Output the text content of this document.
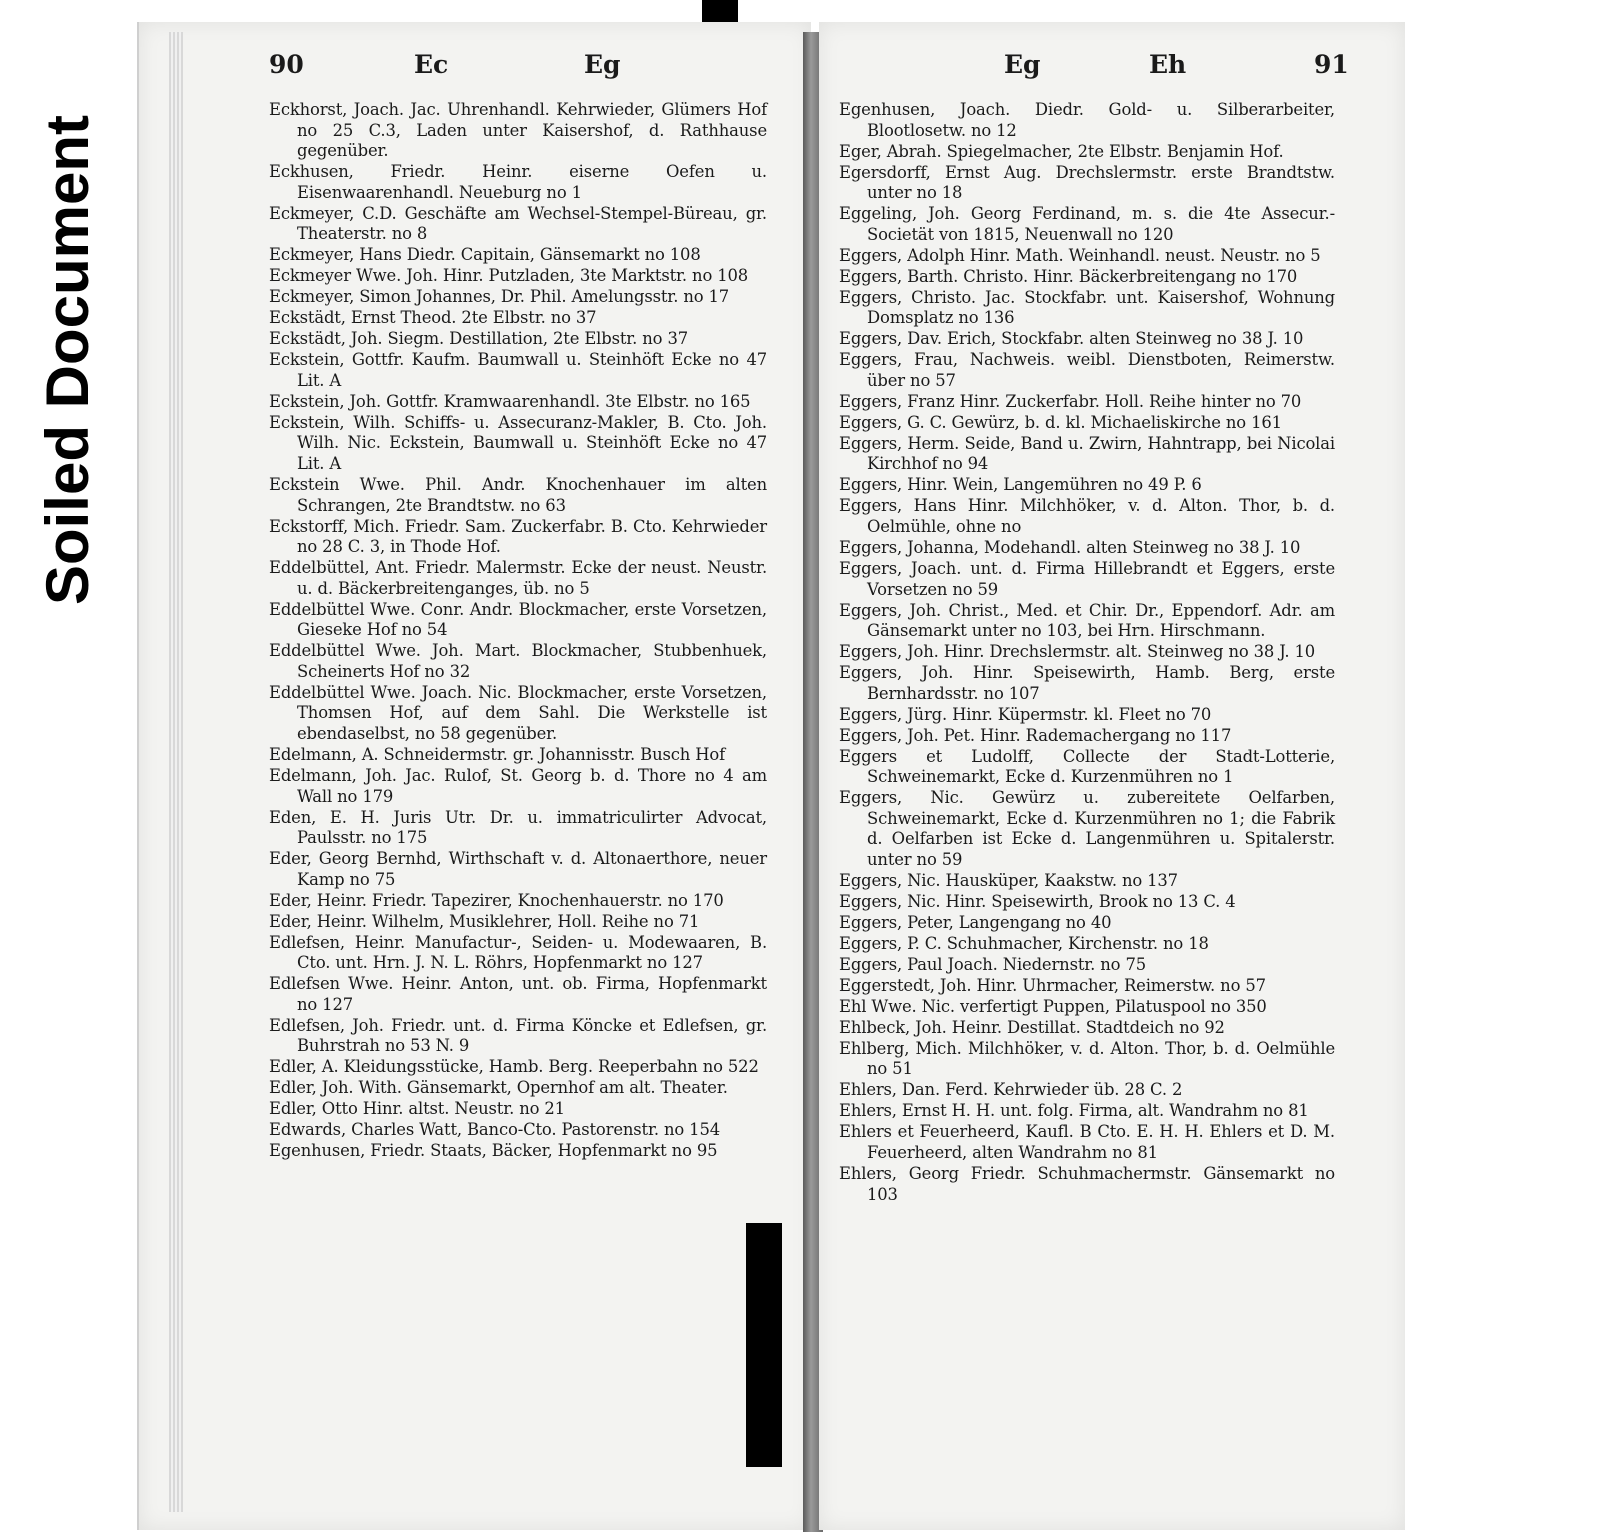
Soiled Document
90	Ec	Eg
Eckhorst, Joach. Jac. Uhrenhandl. Kehrwieder, Glümers Hof no 25 C.3, Laden unter Kaisershof, d. Rathhause gegenüber.
Eckhusen, Friedr. Heinr. eiserne Oefen u. Eisenwaarenhandl. Neueburg no 1
Eckmeyer, C.D. Geschäfte am Wechsel-Stempel-Büreau, gr. Theaterstr. no 8
Eckmeyer, Hans Diedr. Capitain, Gänsemarkt no 108
Eckmeyer Wwe. Joh. Hinr. Putzladen, 3te Marktstr. no 108
Eckmeyer, Simon Johannes, Dr. Phil. Amelungsstr. no 17
Eckstädt, Ernst Theod. 2te Elbstr. no 37
Eckstädt, Joh. Siegm. Destillation, 2te Elbstr. no 37
Eckstein, Gottfr. Kaufm. Baumwall u. Steinhöft Ecke no 47 Lit. A
Eckstein, Joh. Gottfr. Kramwaarenhandl. 3te Elbstr. no 165
Eckstein, Wilh. Schiffs- u. Assecuranz-Makler, B. Cto. Joh. Wilh. Nic. Eckstein, Baumwall u. Steinhöft Ecke no 47 Lit. A
Eckstein Wwe. Phil. Andr. Knochenhauer im alten Schrangen, 2te Brandtstw. no 63
Eckstorff, Mich. Friedr. Sam. Zuckerfabr. B. Cto. Kehrwieder no 28 C. 3, in Thode Hof.
Eddelbüttel, Ant. Friedr. Malermstr. Ecke der neust. Neustr. u. d. Bäckerbreitenganges, üb. no 5
Eddelbüttel Wwe. Conr. Andr. Blockmacher, erste Vorsetzen, Gieseke Hof no 54
Eddelbüttel Wwe. Joh. Mart. Blockmacher, Stubbenhuek, Scheinerts Hof no 32
Eddelbüttel Wwe. Joach. Nic. Blockmacher, erste Vorsetzen, Thomsen Hof, auf dem Sahl. Die Werkstelle ist ebendaselbst, no 58 gegenüber.
Edelmann, A. Schneidermstr. gr. Johannisstr. Busch Hof
Edelmann, Joh. Jac. Rulof, St. Georg b. d. Thore no 4 am Wall no 179
Eden, E. H. Juris Utr. Dr. u. immatriculirter Advocat, Paulsstr. no 175
Eder, Georg Bernhd, Wirthschaft v. d. Altonaerthore, neuer Kamp no 75
Eder, Heinr. Friedr. Tapezirer, Knochenhauerstr. no 170
Eder, Heinr. Wilhelm, Musiklehrer, Holl. Reihe no 71
Edlefsen, Heinr. Manufactur-, Seiden- u. Modewaaren, B. Cto. unt. Hrn. J. N. L. Röhrs, Hopfenmarkt no 127
Edlefsen Wwe. Heinr. Anton, unt. ob. Firma, Hopfenmarkt no 127
Edlefsen, Joh. Friedr. unt. d. Firma Köncke et Edlefsen, gr. Buhrstrah no 53 N. 9
Edler, A. Kleidungsstücke, Hamb. Berg. Reeperbahn no 522
Edler, Joh. With. Gänsemarkt, Opernhof am alt. Theater.
Edler, Otto Hinr. altst. Neustr. no 21
Edwards, Charles Watt, Banco-Cto. Pastorenstr. no 154
Egenhusen, Friedr. Staats, Bäcker, Hopfenmarkt no 95
Eg	Eh	91
Egenhusen, Joach. Diedr. Gold- u. Silberarbeiter, Blootlosetw. no 12
Eger, Abrah. Spiegelmacher, 2te Elbstr. Benjamin Hof.
Egersdorff, Ernst Aug. Drechslermstr. erste Brandtstw. unter no 18
Eggeling, Joh. Georg Ferdinand, m. s. die 4te Assecur.-Societät von 1815, Neuenwall no 120
Eggers, Adolph Hinr. Math. Weinhandl. neust. Neustr. no 5
Eggers, Barth. Christo. Hinr. Bäckerbreitengang no 170
Eggers, Christo. Jac. Stockfabr. unt. Kaisershof, Wohnung Domsplatz no 136
Eggers, Dav. Erich, Stockfabr. alten Steinweg no 38 J. 10
Eggers, Frau, Nachweis. weibl. Dienstboten, Reimerstw. über no 57
Eggers, Franz Hinr. Zuckerfabr. Holl. Reihe hinter no 70
Eggers, G. C. Gewürz, b. d. kl. Michaeliskirche no 161
Eggers, Herm. Seide, Band u. Zwirn, Hahntrapp, bei Nicolai Kirchhof no 94
Eggers, Hinr. Wein, Langemühren no 49 P. 6
Eggers, Hans Hinr. Milchhöker, v. d. Alton. Thor, b. d. Oelmühle, ohne no
Eggers, Johanna, Modehandl. alten Steinweg no 38 J. 10
Eggers, Joach. unt. d. Firma Hillebrandt et Eggers, erste Vorsetzen no 59
Eggers, Joh. Christ., Med. et Chir. Dr., Eppendorf. Adr. am Gänsemarkt unter no 103, bei Hrn. Hirschmann.
Eggers, Joh. Hinr. Drechslermstr. alt. Steinweg no 38 J. 10
Eggers, Joh. Hinr. Speisewirth, Hamb. Berg, erste Bernhardsstr. no 107
Eggers, Jürg. Hinr. Küpermstr. kl. Fleet no 70
Eggers, Joh. Pet. Hinr. Rademachergang no 117
Eggers et Ludolff, Collecte der Stadt-Lotterie, Schweinemarkt, Ecke d. Kurzenmühren no 1
Eggers, Nic. Gewürz u. zubereitete Oelfarben, Schweinemarkt, Ecke d. Kurzenmühren no 1; die Fabrik d. Oelfarben ist Ecke d. Langenmühren u. Spitalerstr. unter no 59
Eggers, Nic. Hausküper, Kaakstw. no 137
Eggers, Nic. Hinr. Speisewirth, Brook no 13 C. 4
Eggers, Peter, Langengang no 40
Eggers, P. C. Schuhmacher, Kirchenstr. no 18
Eggers, Paul Joach. Niedernstr. no 75
Eggerstedt, Joh. Hinr. Uhrmacher, Reimerstw. no 57
Ehl Wwe. Nic. verfertigt Puppen, Pilatuspool no 350
Ehlbeck, Joh. Heinr. Destillat. Stadtdeich no 92
Ehlberg, Mich. Milchhöker, v. d. Alton. Thor, b. d. Oelmühle no 51
Ehlers, Dan. Ferd. Kehrwieder üb. 28 C. 2
Ehlers, Ernst H. H. unt. folg. Firma, alt. Wandrahm no 81
Ehlers et Feuerheerd, Kaufl. B Cto. E. H. H. Ehlers et D. M. Feuerheerd, alten Wandrahm no 81
Ehlers, Georg Friedr. Schuhmachermstr. Gänsemarkt no 103
